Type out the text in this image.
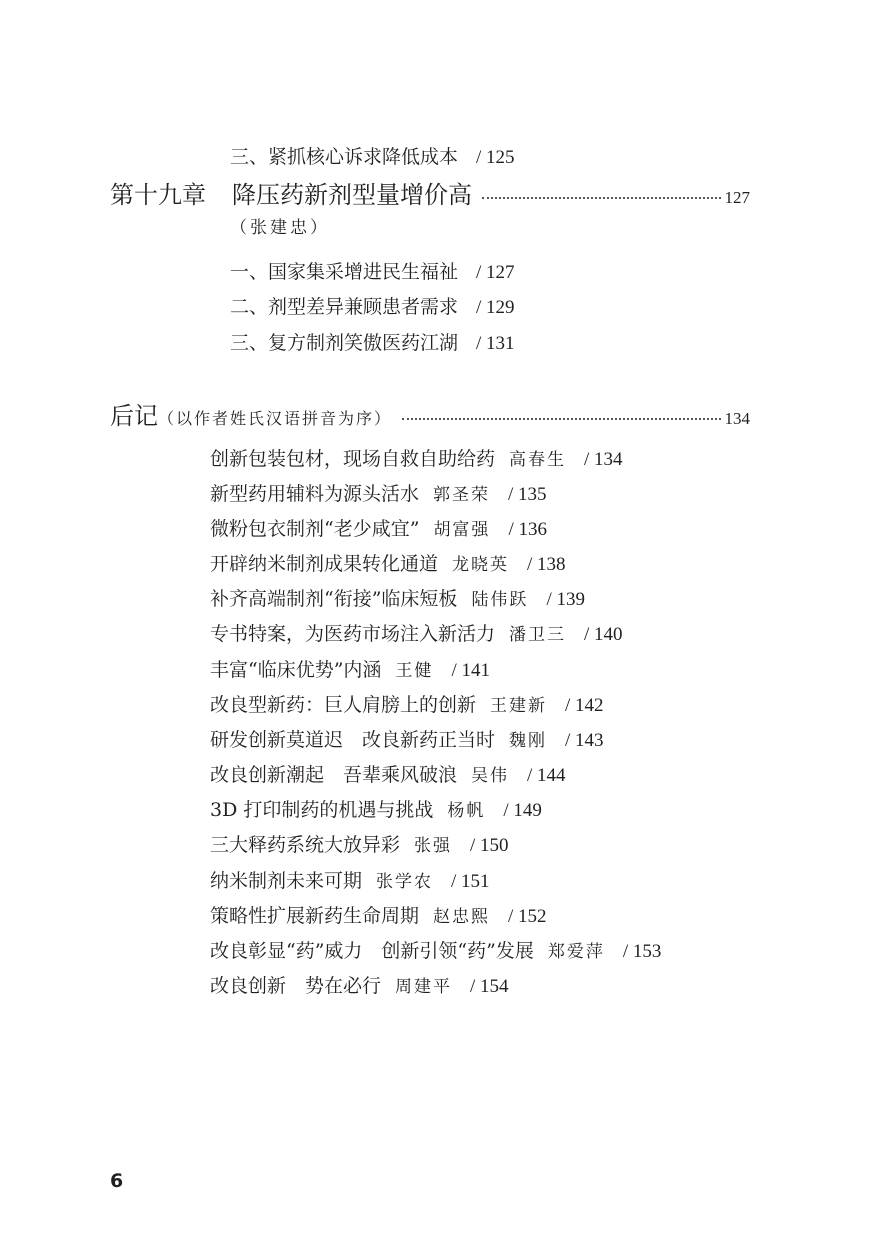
三、紧抓核心诉求降低成本 / 125
第十九章 降压药新剂型量增价高	127
（张建忠）
一、国家集采增进民生福祉 / 127
二、剂型差异兼顾患者需求 / 129
三、复方制剂笑傲医药江湖 / 131
后记 （以作者姓氏汉语拼音为序）	134
创新包装包材，现场自救自助给药 高春生 / 134
新型药用辅料为源头活水 郭圣荣 / 135
微粉包衣制剂“老少咸宜” 胡富强 / 136
开辟纳米制剂成果转化通道 龙晓英 / 138
补齐高端制剂“衔接”临床短板 陆伟跃 / 139
专书特案，为医药市场注入新活力 潘卫三 / 140
丰富“临床优势”内涵 王健 / 141
改良型新药：巨人肩膀上的创新 王建新 / 142
研发创新莫道迟　改良新药正当时 魏刚 / 143
改良创新潮起　吾辈乘风破浪 吴伟 / 144
3D 打印制药的机遇与挑战 杨帆 / 149
三大释药系统大放异彩 张强 / 150
纳米制剂未来可期 张学农 / 151
策略性扩展新药生命周期 赵忠熙 / 152
改良彰显“药”威力　创新引领“药”发展 郑爱萍 / 153
改良创新　势在必行 周建平 / 154
6
